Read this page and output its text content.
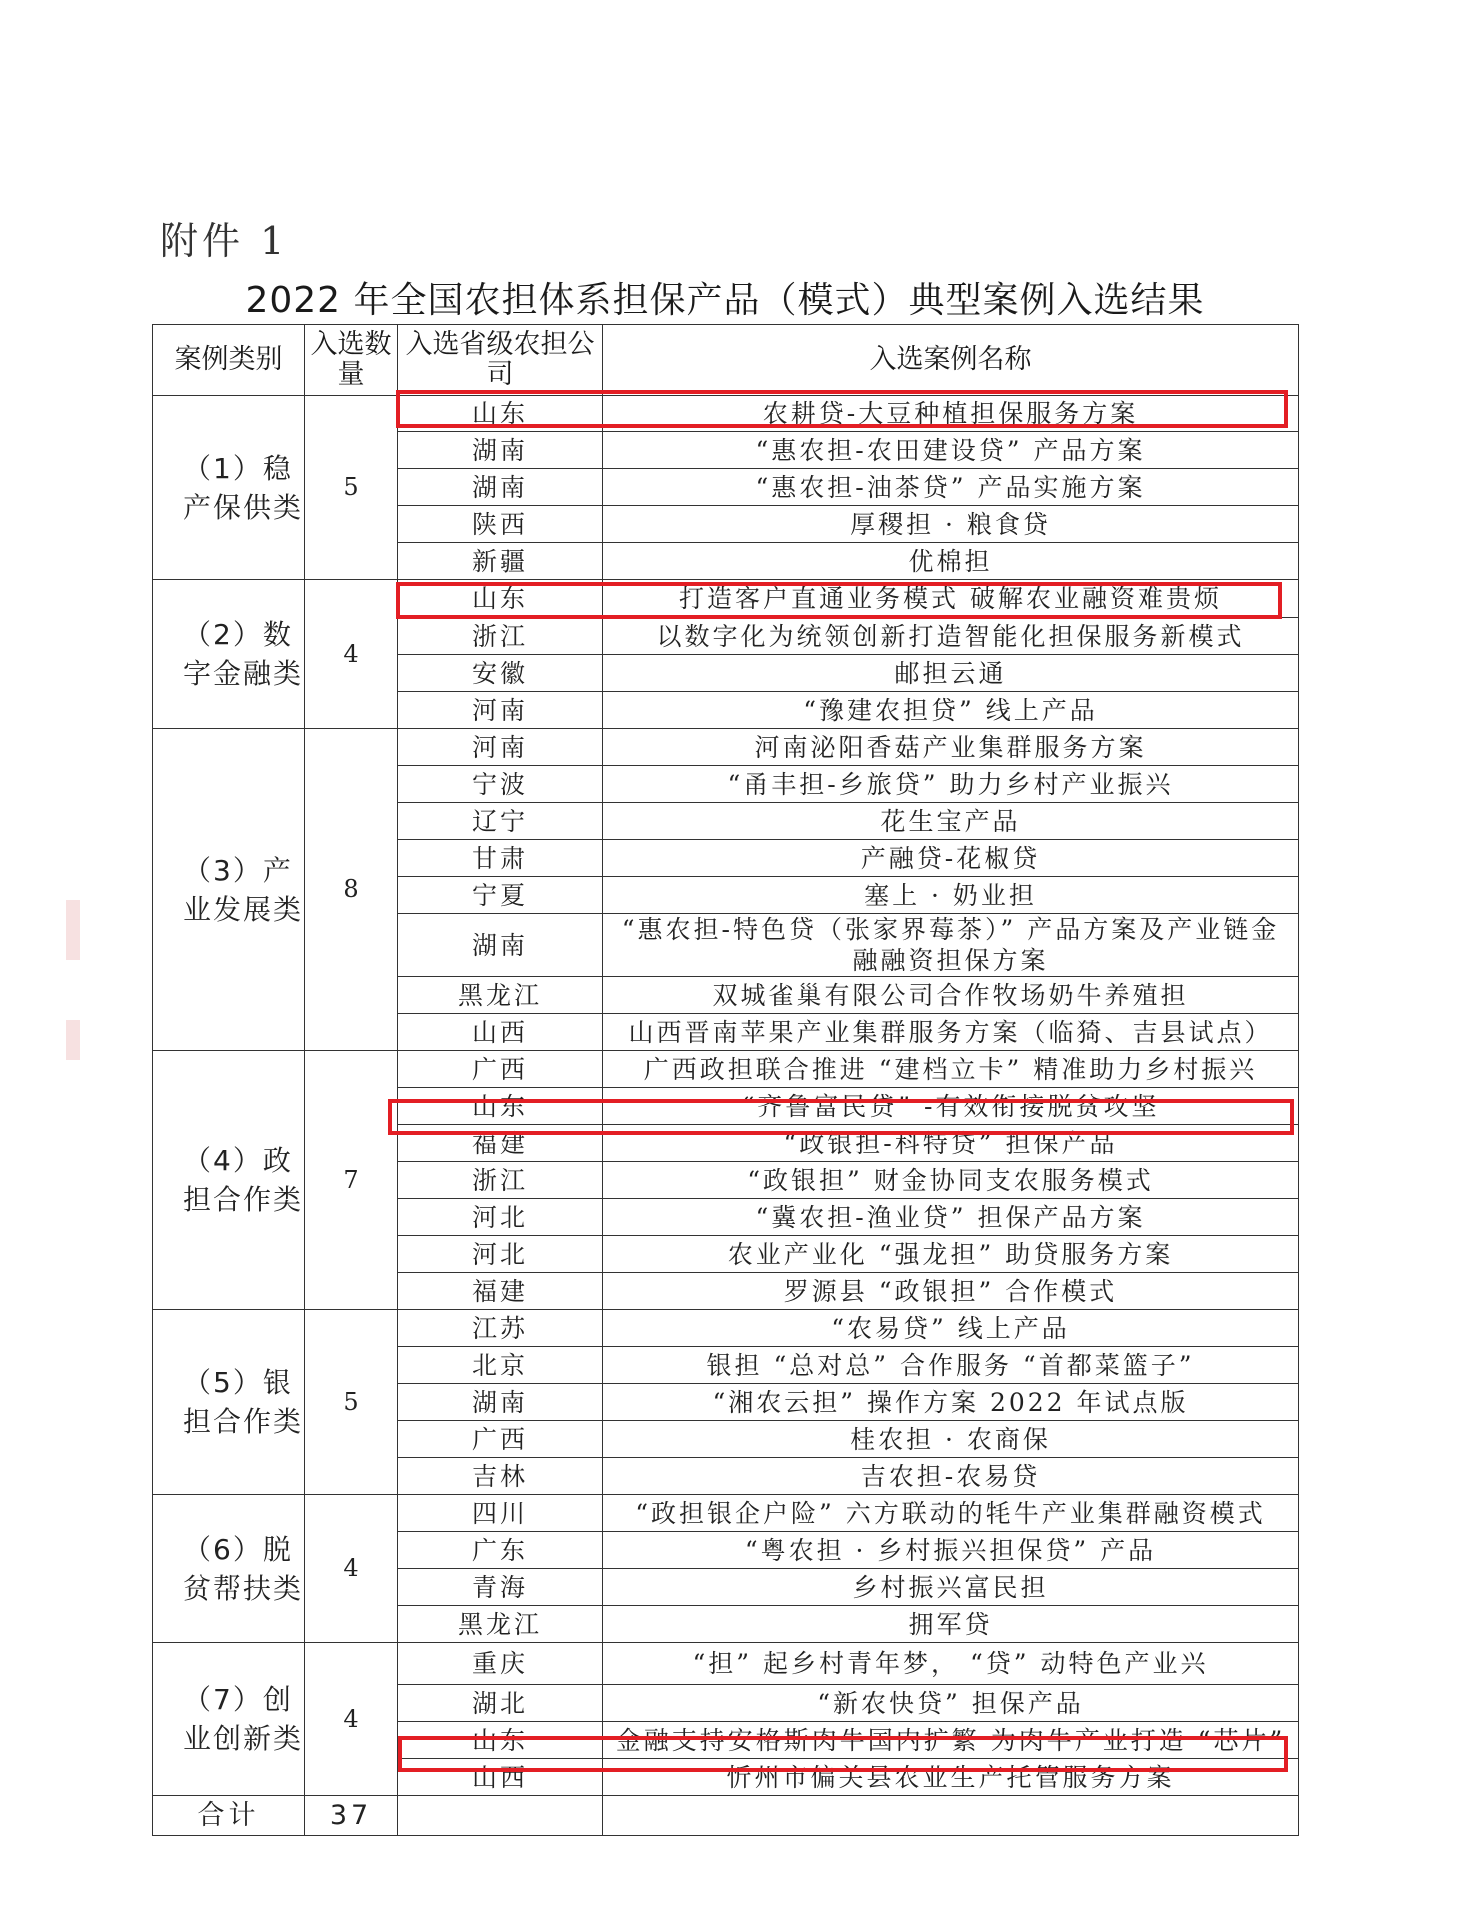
附件 1
2022 年全国农担体系担保产品（模式）典型案例入选结果
案例类别	入选数量	入选省级农担公司	入选案例名称

（1）稳产保供类	5	山东	农耕贷-大豆种植担保服务方案

		湖南	“惠农担-农田建设贷” 产品方案

		湖南	“惠农担-油茶贷” 产品实施方案

		陕西	厚稷担 · 粮食贷

		新疆	优棉担

（2）数字金融类	4	山东	打造客户直通业务模式 破解农业融资难贵烦

		浙江	以数字化为统领创新打造智能化担保服务新模式

		安徽	邮担云通

		河南	“豫建农担贷” 线上产品

（3）产业发展类	8	河南	河南泌阳香菇产业集群服务方案

		宁波	“甬丰担-乡旅贷” 助力乡村产业振兴

		辽宁	花生宝产品

		甘肃	产融贷-花椒贷

		宁夏	塞上 · 奶业担

		湖南	“惠农担-特色贷（张家界莓茶）” 产品方案及产业链金融融资担保方案

		黑龙江	双城雀巢有限公司合作牧场奶牛养殖担

		山西	山西晋南苹果产业集群服务方案（临猗、吉县试点）

（4）政担合作类	7	广西	广西政担联合推进 “建档立卡” 精准助力乡村振兴

		山东	“齐鲁富民贷” -有效衔接脱贫攻坚

		福建	“政银担-科特贷” 担保产品

		浙江	“政银担” 财金协同支农服务模式

		河北	“冀农担-渔业贷” 担保产品方案

		河北	农业产业化 “强龙担” 助贷服务方案

		福建	罗源县 “政银担” 合作模式

（5）银担合作类	5	江苏	“农易贷” 线上产品

		北京	银担 “总对总” 合作服务 “首都菜篮子”

		湖南	“湘农云担” 操作方案 2022 年试点版

		广西	桂农担 · 农商保

		吉林	吉农担-农易贷

（6）脱贫帮扶类	4	四川	“政担银企户险” 六方联动的牦牛产业集群融资模式

		广东	“粤农担 · 乡村振兴担保贷” 产品

		青海	乡村振兴富民担

		黑龙江	拥军贷

（7）创业创新类	4	重庆	“担” 起乡村青年梦， “贷” 动特色产业兴

		湖北	“新农快贷” 担保产品

		山东	金融支持安格斯肉牛国内扩繁 为肉牛产业打造 “芯片”

		山西	忻州市偏关县农业生产托管服务方案

合计	37		
